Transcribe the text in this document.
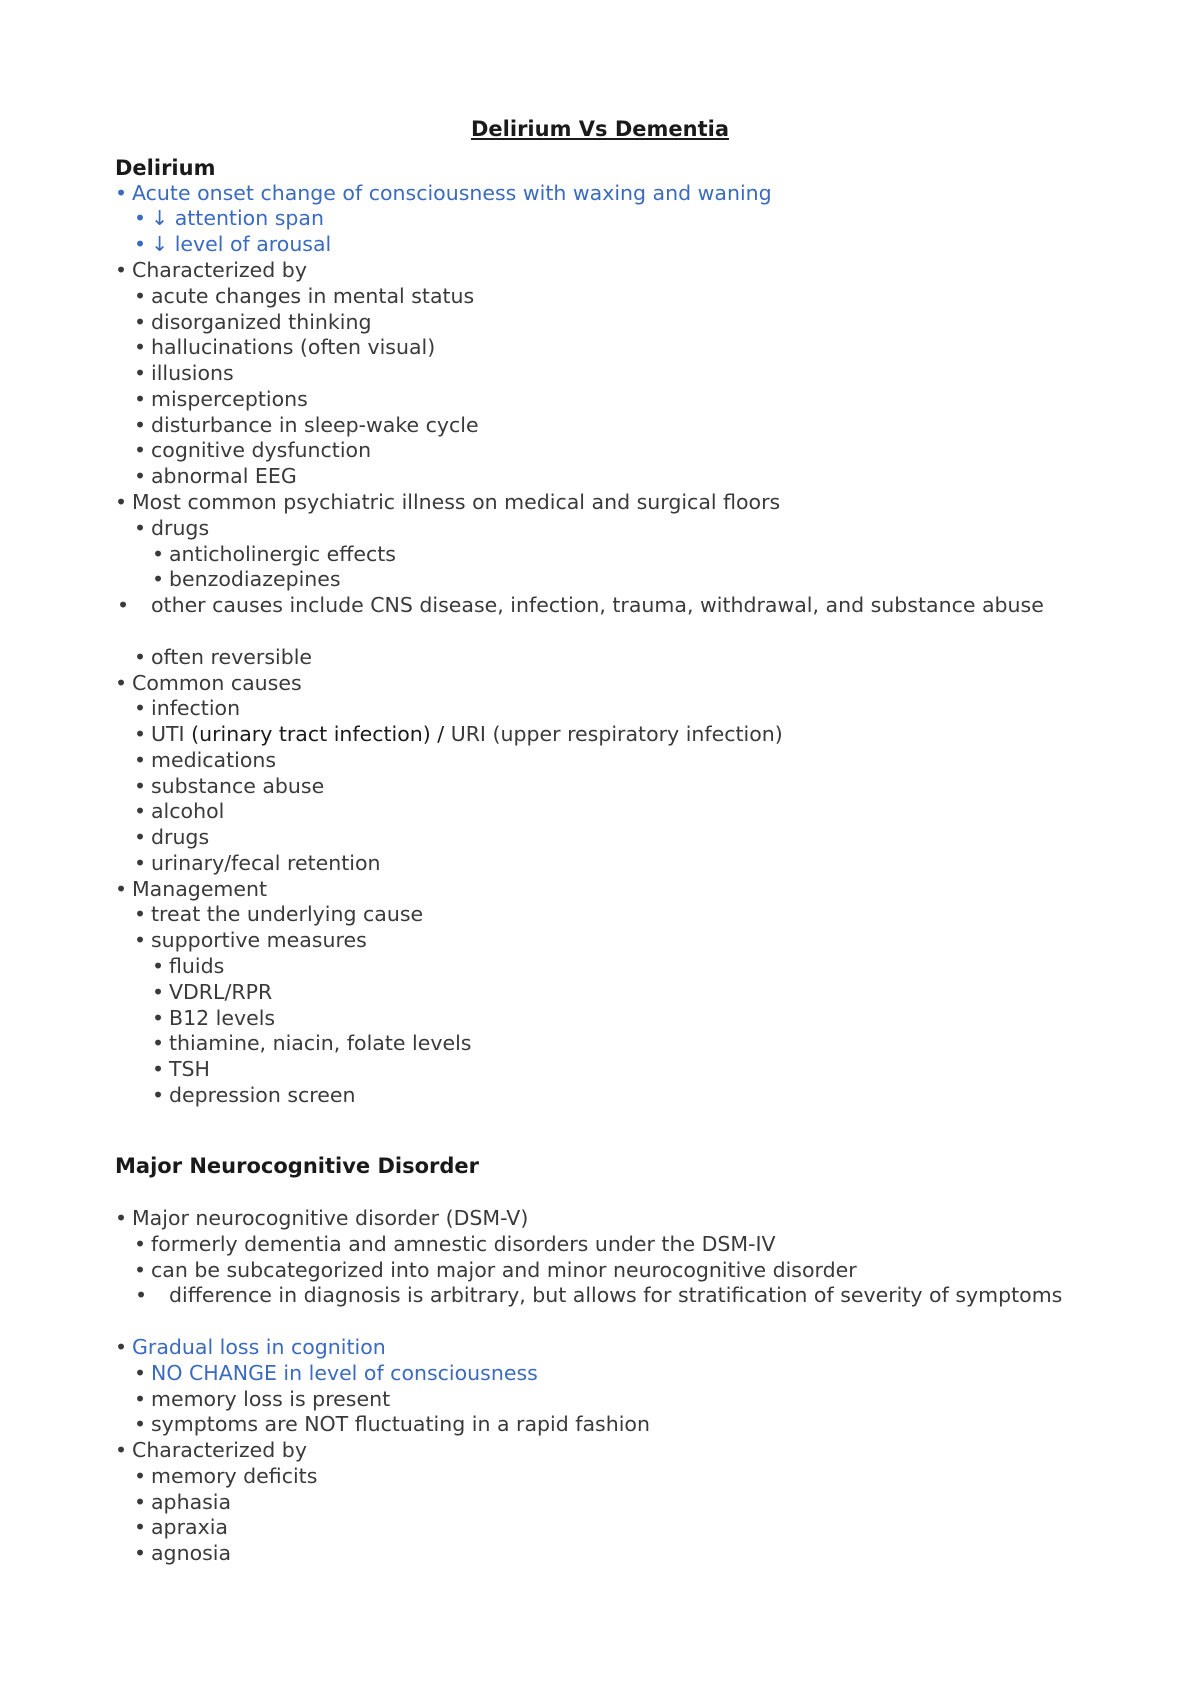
Delirium Vs Dementia
Delirium
• Acute onset change of consciousness with waxing and waning
• ↓ attention span
• ↓ level of arousal
• Characterized by
• acute changes in mental status
• disorganized thinking
• hallucinations (often visual)
• illusions
• misperceptions
• disturbance in sleep-wake cycle
• cognitive dysfunction
• abnormal EEG
• Most common psychiatric illness on medical and surgical floors
• drugs
• anticholinergic effects
• benzodiazepines
• other causes include CNS disease, infection, trauma, withdrawal, and substance abuse
• often reversible
• Common causes
• infection
• UTI (urinary tract infection) / URI (upper respiratory infection)
• medications
• substance abuse
• alcohol
• drugs
• urinary/fecal retention
• Management
• treat the underlying cause
• supportive measures
• fluids
• VDRL/RPR
• B12 levels
• thiamine, niacin, folate levels
• TSH
• depression screen
Major Neurocognitive Disorder
• Major neurocognitive disorder (DSM-V)
• formerly dementia and amnestic disorders under the DSM-IV
• can be subcategorized into major and minor neurocognitive disorder
• difference in diagnosis is arbitrary, but allows for stratification of severity of symptoms
• Gradual loss in cognition
• NO CHANGE in level of consciousness
• memory loss is present
• symptoms are NOT fluctuating in a rapid fashion
• Characterized by
• memory deficits
• aphasia
• apraxia
• agnosia
